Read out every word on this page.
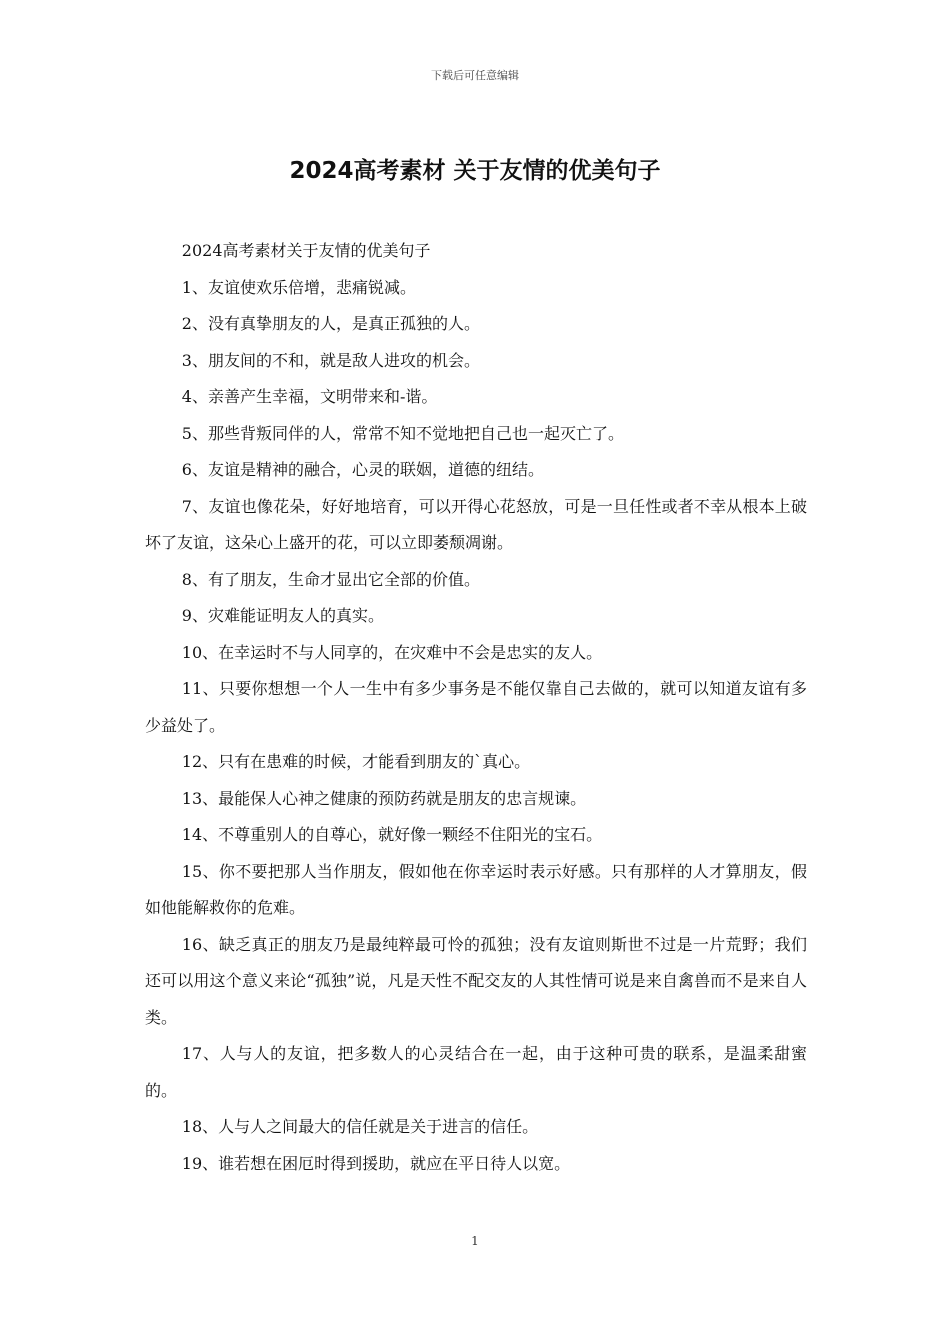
下载后可任意编辑
2024高考素材 关于友情的优美句子

2024高考素材关于友情的优美句子

1、友谊使欢乐倍增，悲痛锐减。

2、没有真挚朋友的人，是真正孤独的人。

3、朋友间的不和，就是敌人进攻的机会。

4、亲善产生幸福，文明带来和-谐。

5、那些背叛同伴的人，常常不知不觉地把自己也一起灭亡了。

6、友谊是精神的融合，心灵的联姻，道德的纽结。

7、友谊也像花朵，好好地培育，可以开得心花怒放，可是一旦任性或者不幸从根本上破坏了友谊，这朵心上盛开的花，可以立即萎颓凋谢。

8、有了朋友，生命才显出它全部的价值。

9、灾难能证明友人的真实。

10、在幸运时不与人同享的，在灾难中不会是忠实的友人。

11、只要你想想一个人一生中有多少事务是不能仅靠自己去做的，就可以知道友谊有多少益处了。

12、只有在患难的时候，才能看到朋友的`真心。

13、最能保人心神之健康的预防药就是朋友的忠言规谏。

14、不尊重别人的自尊心，就好像一颗经不住阳光的宝石。

15、你不要把那人当作朋友，假如他在你幸运时表示好感。只有那样的人才算朋友，假如他能解救你的危难。

16、缺乏真正的朋友乃是最纯粹最可怜的孤独；没有友谊则斯世不过是一片荒野；我们还可以用这个意义来论“孤独”说，凡是天性不配交友的人其性情可说是来自禽兽而不是来自人类。

17、人与人的友谊，把多数人的心灵结合在一起，由于这种可贵的联系，是温柔甜蜜的。

18、人与人之间最大的信任就是关于进言的信任。

19、谁若想在困厄时得到援助，就应在平日待人以宽。

1
